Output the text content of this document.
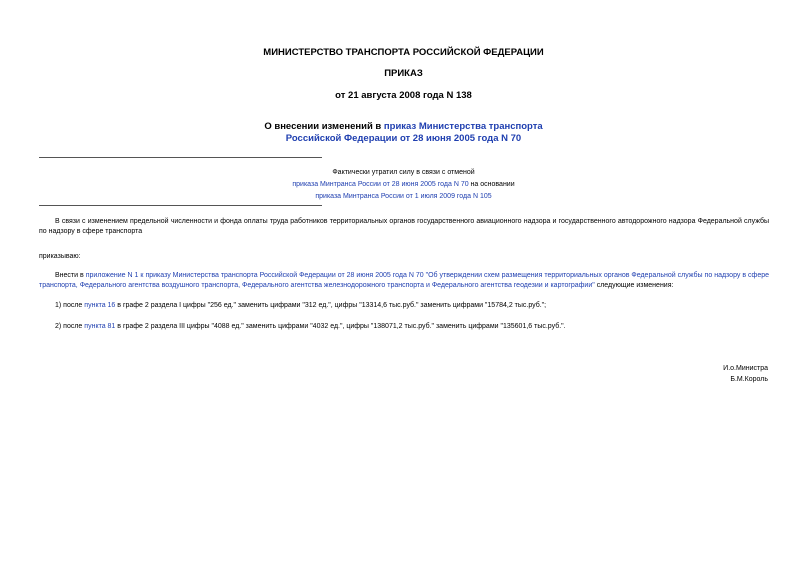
МИНИСТЕРСТВО ТРАНСПОРТА РОССИЙСКОЙ ФЕДЕРАЦИИ
ПРИКАЗ
от 21 августа 2008 года N 138
О внесении изменений в приказ Министерства транспорта
Российской Федерации от 28 июня 2005 года N 70
Фактически утратил силу в связи с отменой
приказа Минтранса России от 28 июня 2005 года N 70 на основании
приказа Минтранса России от 1 июля 2009 года N 105
В связи с изменением предельной численности и фонда оплаты труда работников территориальных органов государственного авиационного надзора и государственного автодорожного надзора Федеральной службы по надзору в сфере транспорта
приказываю:
Внести в приложение N 1 к приказу Министерства транспорта Российской Федерации от 28 июня 2005 года N 70 "Об утверждении схем размещения территориальных органов Федеральной службы по надзору в сфере транспорта, Федерального агентства воздушного транспорта, Федерального агентства железнодорожного транспорта и Федерального агентства геодезии и картографии" следующие изменения:
1) после пункта 16 в графе 2 раздела I цифры "256 ед." заменить цифрами "312 ед.", цифры "13314,6 тыс.руб." заменить цифрами "15784,2 тыс.руб.";
2) после пункта 81 в графе 2 раздела III цифры "4088 ед." заменить цифрами "4032 ед.", цифры "138071,2 тыс.руб." заменить цифрами "135601,6 тыс.руб.".
И.о.Министра
Б.М.Король
